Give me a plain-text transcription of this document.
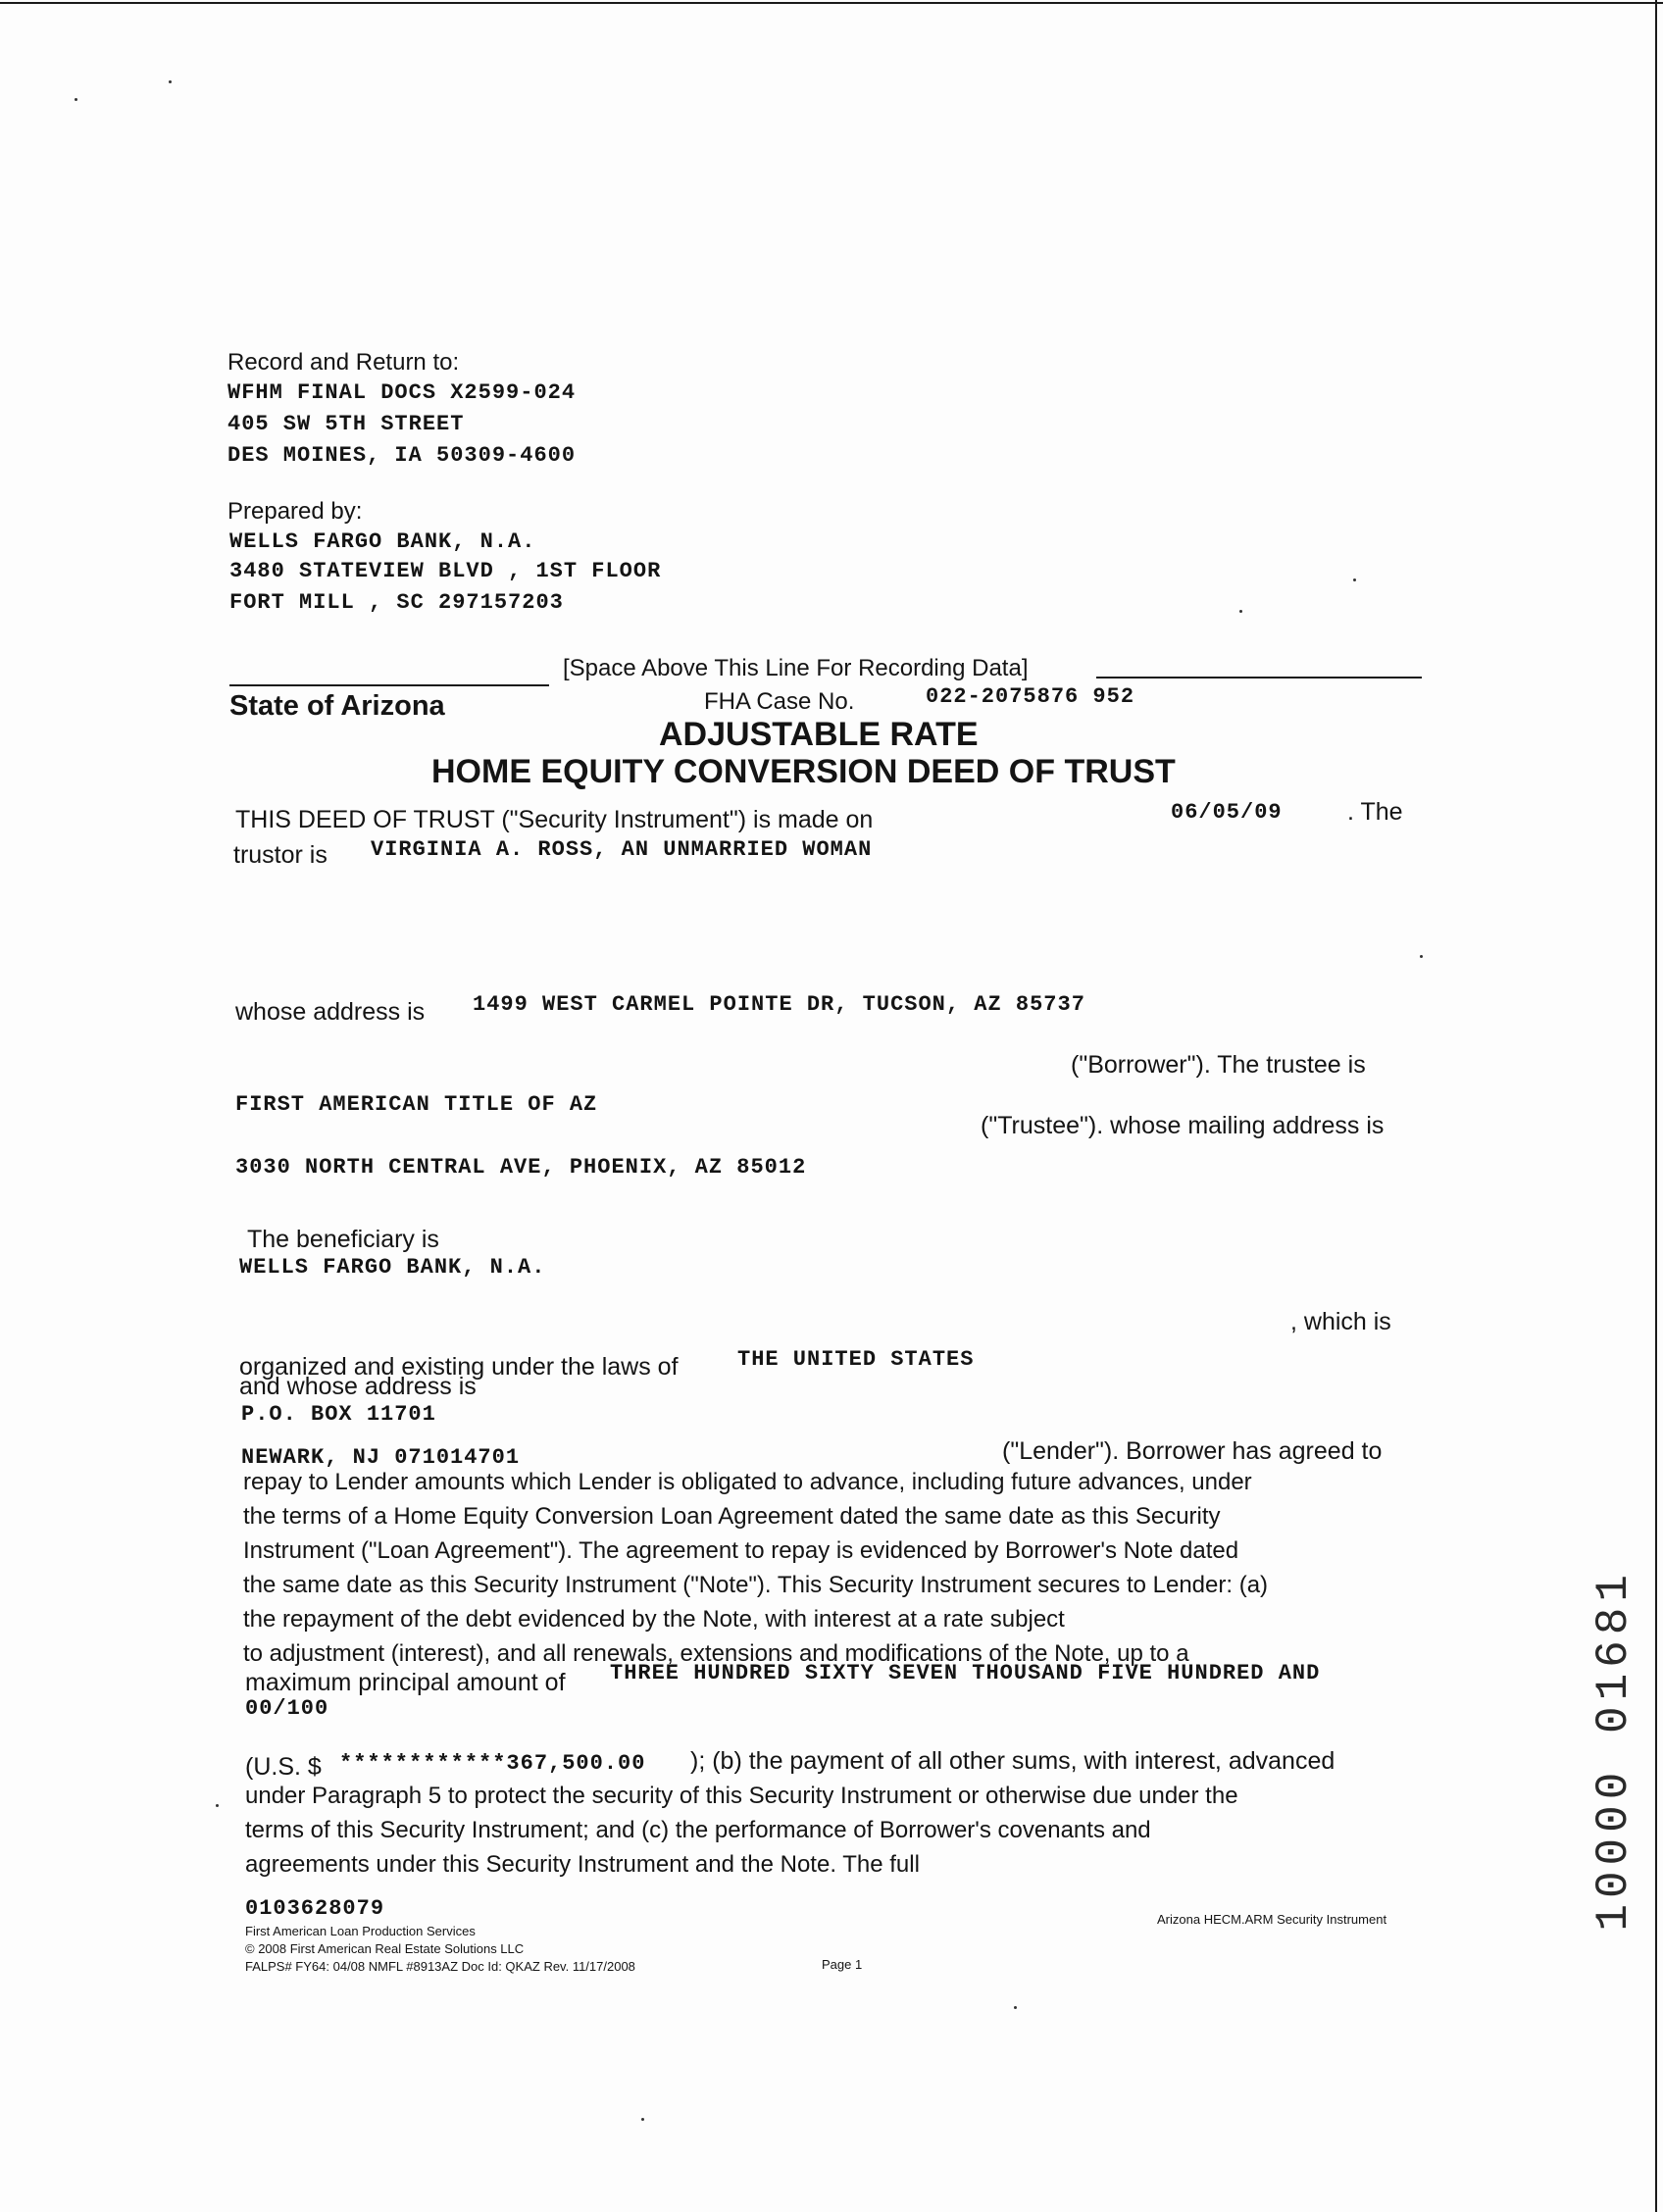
Record and Return to:
WFHM FINAL DOCS X2599-024
405 SW 5TH STREET
DES MOINES, IA 50309-4600
Prepared by:
WELLS FARGO BANK, N.A.
3480 STATEVIEW BLVD , 1ST FLOOR
FORT MILL , SC 297157203
[Space Above This Line For Recording Data]
State of Arizona	FHA Case No.	022-2075876 952
ADJUSTABLE RATE
HOME EQUITY CONVERSION DEED OF TRUST
THIS DEED OF TRUST ("Security Instrument") is made on	06/05/09	. The
trustor is VIRGINIA A. ROSS, AN UNMARRIED WOMAN
whose address is 1499 WEST CARMEL POINTE DR, TUCSON, AZ 85737
("Borrower"). The trustee is
FIRST AMERICAN TITLE OF AZ
("Trustee"). whose mailing address is
3030 NORTH CENTRAL AVE, PHOENIX, AZ 85012
The beneficiary is
WELLS FARGO BANK, N.A.
, which is
organized and existing under the laws of	THE UNITED STATES
and whose address is
P.O. BOX 11701
NEWARK, NJ 071014701	("Lender"). Borrower has agreed to
repay to Lender amounts which Lender is obligated to advance, including future advances, under
the terms of a Home Equity Conversion Loan Agreement dated the same date as this Security
Instrument ("Loan Agreement"). The agreement to repay is evidenced by Borrower's Note dated
the same date as this Security Instrument ("Note"). This Security Instrument secures to Lender: (a)
the repayment of the debt evidenced by the Note, with interest at a rate subject
to adjustment (interest), and all renewals, extensions and modifications of the Note, up to a
maximum principal amount of THREE HUNDRED SIXTY SEVEN THOUSAND FIVE HUNDRED AND
00/100
(U.S. $ ************367,500.00 ); (b) the payment of all other sums, with interest, advanced
under Paragraph 5 to protect the security of this Security Instrument or otherwise due under the
terms of this Security Instrument; and (c) the performance of Borrower's covenants and
agreements under this Security Instrument and the Note. The full
0103628079
First American Loan Production Services
© 2008 First American Real Estate Solutions LLC
FALPS# FY64: 04/08 NMFL #8913AZ Doc Id: QKAZ Rev. 11/17/2008	Page 1
Arizona HECM.ARM Security Instrument	10000 01681
